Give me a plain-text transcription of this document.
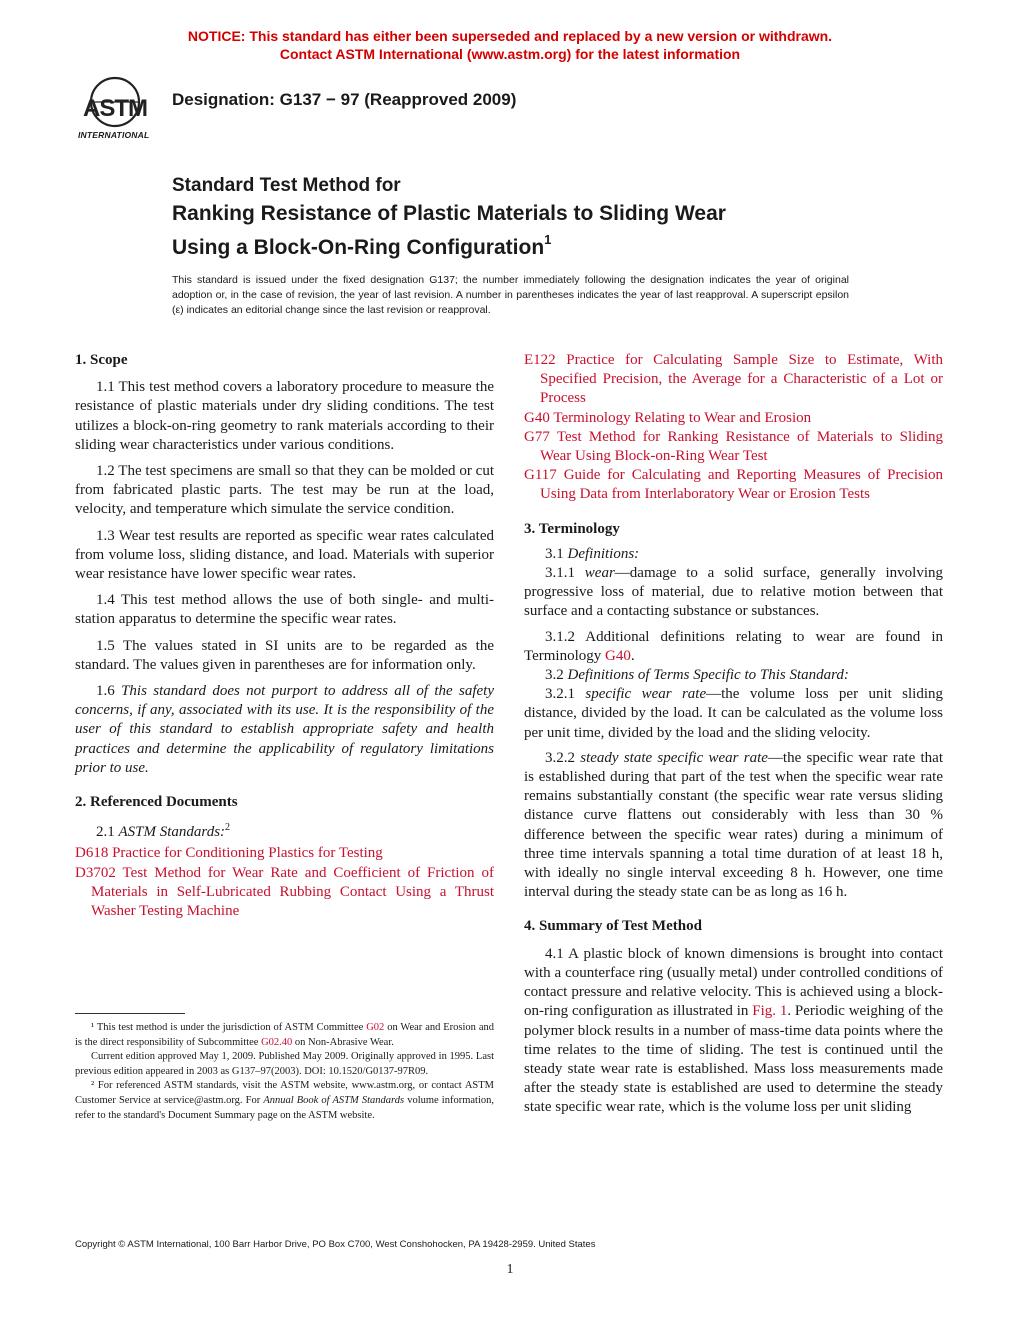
NOTICE: This standard has either been superseded and replaced by a new version or withdrawn.
Contact ASTM International (www.astm.org) for the latest information
ASTM
INTERNATIONAL
Designation: G137 − 97 (Reapproved 2009)
Standard Test Method for
Ranking Resistance of Plastic Materials to Sliding Wear
Using a Block-On-Ring Configuration$^1$
This standard is issued under the fixed designation G137; the number immediately following the designation indicates the year of original adoption or, in the case of revision, the year of last revision. A number in parentheses indicates the year of last reapproval. A superscript epsilon (ε) indicates an editorial change since the last revision or reapproval.

1. Scope

1.1 This test method covers a laboratory procedure to measure the resistance of plastic materials under dry sliding conditions. The test utilizes a block-on-ring geometry to rank materials according to their sliding wear characteristics under various conditions.

1.2 The test specimens are small so that they can be molded or cut from fabricated plastic parts. The test may be run at the load, velocity, and temperature which simulate the service condition.

1.3 Wear test results are reported as specific wear rates calculated from volume loss, sliding distance, and load. Materials with superior wear resistance have lower specific wear rates.

1.4 This test method allows the use of both single- and multi-station apparatus to determine the specific wear rates.

1.5 The values stated in SI units are to be regarded as the standard. The values given in parentheses are for information only.

1.6 This standard does not purport to address all of the safety concerns, if any, associated with its use. It is the responsibility of the user of this standard to establish appropriate safety and health practices and determine the applicability of regulatory limitations prior to use.

2. Referenced Documents

2.1 ASTM Standards:$^2$

D618 Practice for Conditioning Plastics for Testing

D3702 Test Method for Wear Rate and Coefficient of Friction of Materials in Self-Lubricated Rubbing Contact Using a Thrust Washer Testing Machine

¹ This test method is under the jurisdiction of ASTM Committee G02 on Wear and Erosion and is the direct responsibility of Subcommittee G02.40 on Non-Abrasive Wear.

Current edition approved May 1, 2009. Published May 2009. Originally approved in 1995. Last previous edition appeared in 2003 as G137–97(2003). DOI: 10.1520/G0137-97R09.

² For referenced ASTM standards, visit the ASTM website, www.astm.org, or contact ASTM Customer Service at service@astm.org. For Annual Book of ASTM Standards volume information, refer to the standard's Document Summary page on the ASTM website.

E122 Practice for Calculating Sample Size to Estimate, With Specified Precision, the Average for a Characteristic of a Lot or Process

G40 Terminology Relating to Wear and Erosion

G77 Test Method for Ranking Resistance of Materials to Sliding Wear Using Block-on-Ring Wear Test

G117 Guide for Calculating and Reporting Measures of Precision Using Data from Interlaboratory Wear or Erosion Tests

3. Terminology

3.1 Definitions:

3.1.1 wear—damage to a solid surface, generally involving progressive loss of material, due to relative motion between that surface and a contacting substance or substances.

3.1.2 Additional definitions relating to wear are found in Terminology G40.

3.2 Definitions of Terms Specific to This Standard:

3.2.1 specific wear rate—the volume loss per unit sliding distance, divided by the load. It can be calculated as the volume loss per unit time, divided by the load and the sliding velocity.

3.2.2 steady state specific wear rate—the specific wear rate that is established during that part of the test when the specific wear rate remains substantially constant (the specific wear rate versus sliding distance curve flattens out considerably with less than 30 % difference between the specific wear rates) during a minimum of three time intervals spanning a total time duration of at least 18 h, with ideally no single interval exceeding 8 h. However, one time interval during the steady state can be as long as 16 h.

4. Summary of Test Method

4.1 A plastic block of known dimensions is brought into contact with a counterface ring (usually metal) under controlled conditions of contact pressure and relative velocity. This is achieved using a block-on-ring configuration as illustrated in Fig. 1. Periodic weighing of the polymer block results in a number of mass-time data points where the time relates to the time of sliding. The test is continued until the steady state wear rate is established. Mass loss measurements made after the steady state is established are used to determine the steady state specific wear rate, which is the volume loss per unit sliding

Copyright © ASTM International, 100 Barr Harbor Drive, PO Box C700, West Conshohocken, PA 19428-2959. United States
1
